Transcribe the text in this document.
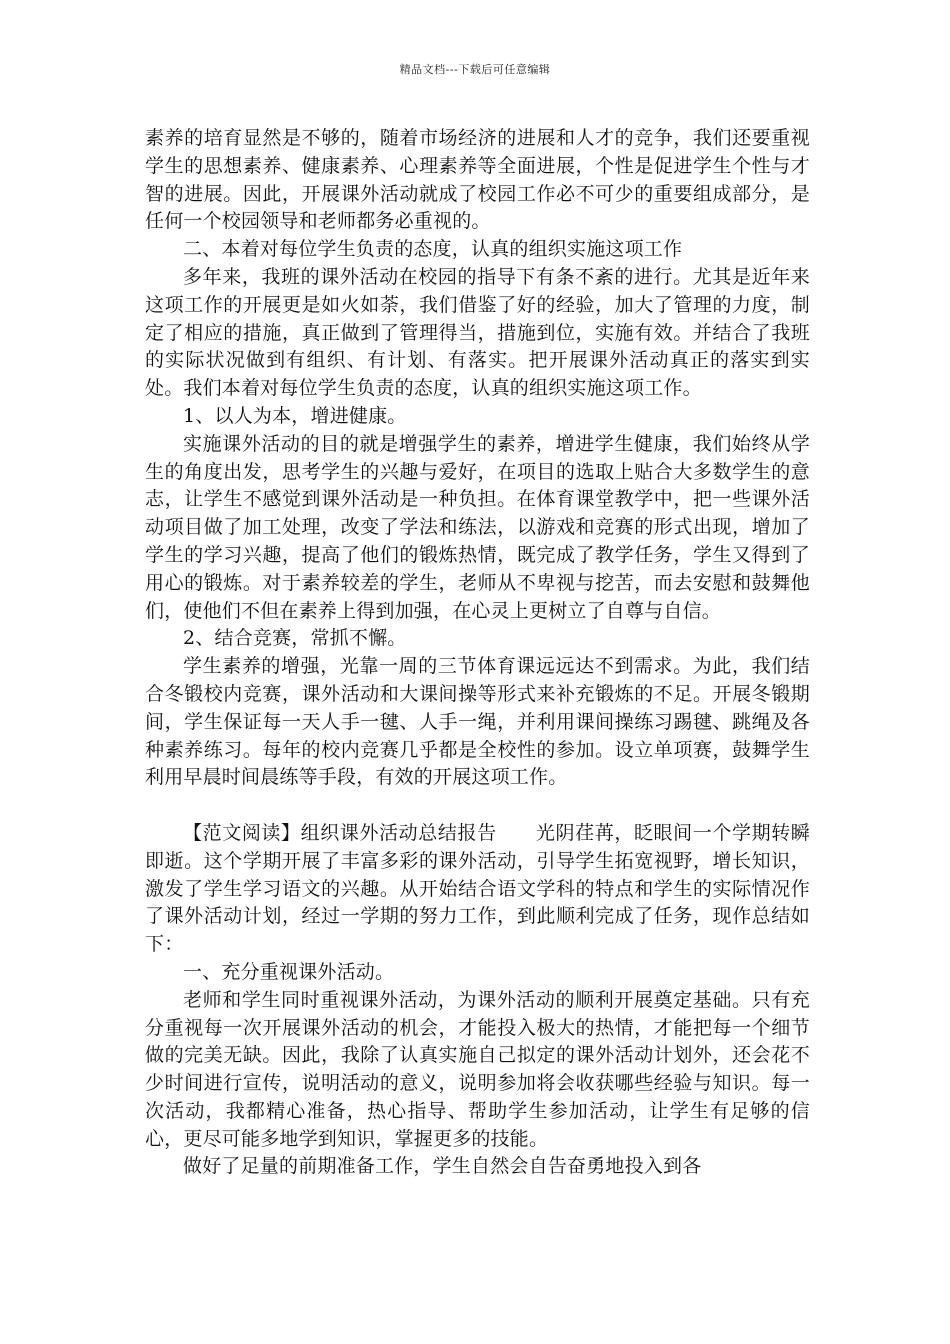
精品文档---下载后可任意编辑

素养的培育显然是不够的，随着市场经济的进展和人才的竞争，我们还要重视学生的思想素养、健康素养、心理素养等全面进展，个性是促进学生个性与才智的进展。因此，开展课外活动就成了校园工作必不可少的重要组成部分，是任何一个校园领导和老师都务必重视的。

二、本着对每位学生负责的态度，认真的组织实施这项工作

多年来，我班的课外活动在校园的指导下有条不紊的进行。尤其是近年来这项工作的开展更是如火如荼，我们借鉴了好的经验，加大了管理的力度，制定了相应的措施，真正做到了管理得当，措施到位，实施有效。并结合了我班的实际状况做到有组织、有计划、有落实。把开展课外活动真正的落实到实处。我们本着对每位学生负责的态度，认真的组织实施这项工作。

1、以人为本，增进健康。

实施课外活动的目的就是增强学生的素养，增进学生健康，我们始终从学生的角度出发，思考学生的兴趣与爱好，在项目的选取上贴合大多数学生的意志，让学生不感觉到课外活动是一种负担。在体育课堂教学中，把一些课外活动项目做了加工处理，改变了学法和练法，以游戏和竞赛的形式出现，增加了学生的学习兴趣，提高了他们的锻炼热情，既完成了教学任务，学生又得到了用心的锻炼。对于素养较差的学生，老师从不卑视与挖苦，而去安慰和鼓舞他们，使他们不但在素养上得到加强，在心灵上更树立了自尊与自信。

2、结合竞赛，常抓不懈。

学生素养的增强，光靠一周的三节体育课远远达不到需求。为此，我们结合冬锻校内竞赛，课外活动和大课间操等形式来补充锻炼的不足。开展冬锻期间，学生保证每一天人手一毽、人手一绳，并利用课间操练习踢毽、跳绳及各种素养练习。每年的校内竞赛几乎都是全校性的参加。设立单项赛，鼓舞学生利用早晨时间晨练等手段，有效的开展这项工作。

【范文阅读】组织课外活动总结报告　　光阴荏苒，眨眼间一个学期转瞬即逝。这个学期开展了丰富多彩的课外活动，引导学生拓宽视野，增长知识，激发了学生学习语文的兴趣。从开始结合语文学科的特点和学生的实际情况作了课外活动计划，经过一学期的努力工作，到此顺利完成了任务，现作总结如下：

一、充分重视课外活动。

老师和学生同时重视课外活动，为课外活动的顺利开展奠定基础。只有充分重视每一次开展课外活动的机会，才能投入极大的热情，才能把每一个细节做的完美无缺。因此，我除了认真实施自己拟定的课外活动计划外，还会花不少时间进行宣传，说明活动的意义，说明参加将会收获哪些经验与知识。每一次活动，我都精心准备，热心指导、帮助学生参加活动，让学生有足够的信心，更尽可能多地学到知识，掌握更多的技能。

做好了足量的前期准备工作，学生自然会自告奋勇地投入到各
